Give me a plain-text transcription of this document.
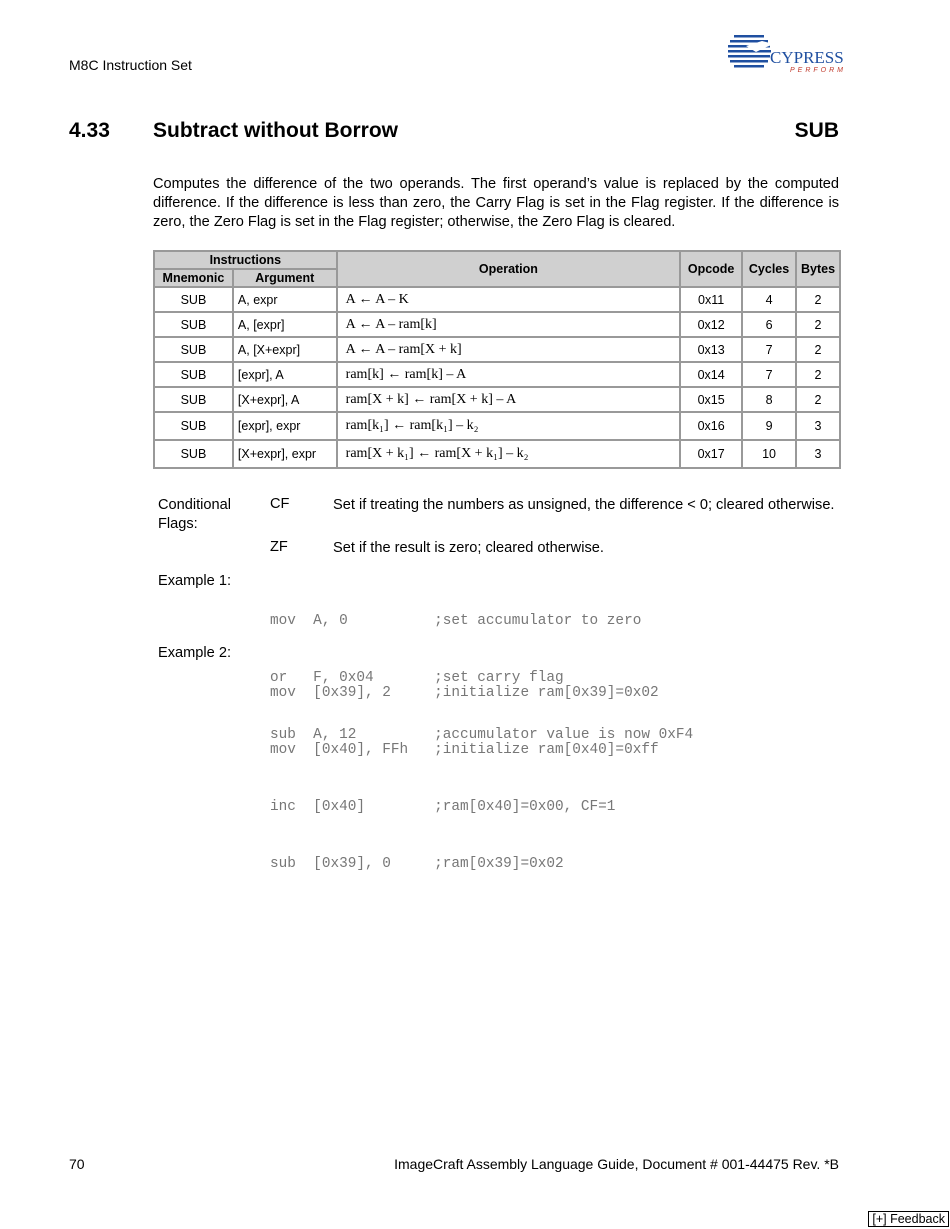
M8C Instruction Set	CYPRESS
PERFORM
4.33 Subtract without Borrow	SUB
Computes the difference of the two operands. The first operand’s value is replaced by the computed difference. If the difference is less than zero, the Carry Flag is set in the Flag register. If the difference is zero, the Zero Flag is set in the Flag register; otherwise, the Zero Flag is cleared.
Instructions		Operation	Opcode	Cycles	Bytes
Mnemonic	Argument				
SUB	A, expr	A ← A – K	0x11	4	2
SUB	A, [expr]	A ← A – ram[k]	0x12	6	2
SUB	A, [X+expr]	A ← A – ram[X + k]	0x13	7	2
SUB	[expr], A	ram[k] ← ram[k] – A	0x14	7	2
SUB	[X+expr], A	ram[X + k] ← ram[X + k] – A	0x15	8	2
SUB	[expr], expr	ram[k₁] ← ram[k₁] – k₂	0x16	9	3
SUB	[X+expr], expr	ram[X + k₁] ← ram[X + k₁] – k₂	0x17	10	3
Conditional
Flags:
CF	Set if treating the numbers as unsigned, the difference < 0; cleared otherwise.
ZF	Set if the result is zero; cleared otherwise.
Example 1:

mov  A, 0          ;set accumulator to zero

or   F, 0x04       ;set carry flag

sub  A, 12         ;accumulator value is now 0xF4

Example 2:

mov  [0x39], 2     ;initialize ram[0x39]=0x02

mov  [0x40], FFh   ;initialize ram[0x40]=0xff

inc  [0x40]        ;ram[0x40]=0x00, CF=1

sub  [0x39], 0     ;ram[0x39]=0x02

70	ImageCraft Assembly Language Guide, Document # 001-44475 Rev. *B
[+] Feedback
